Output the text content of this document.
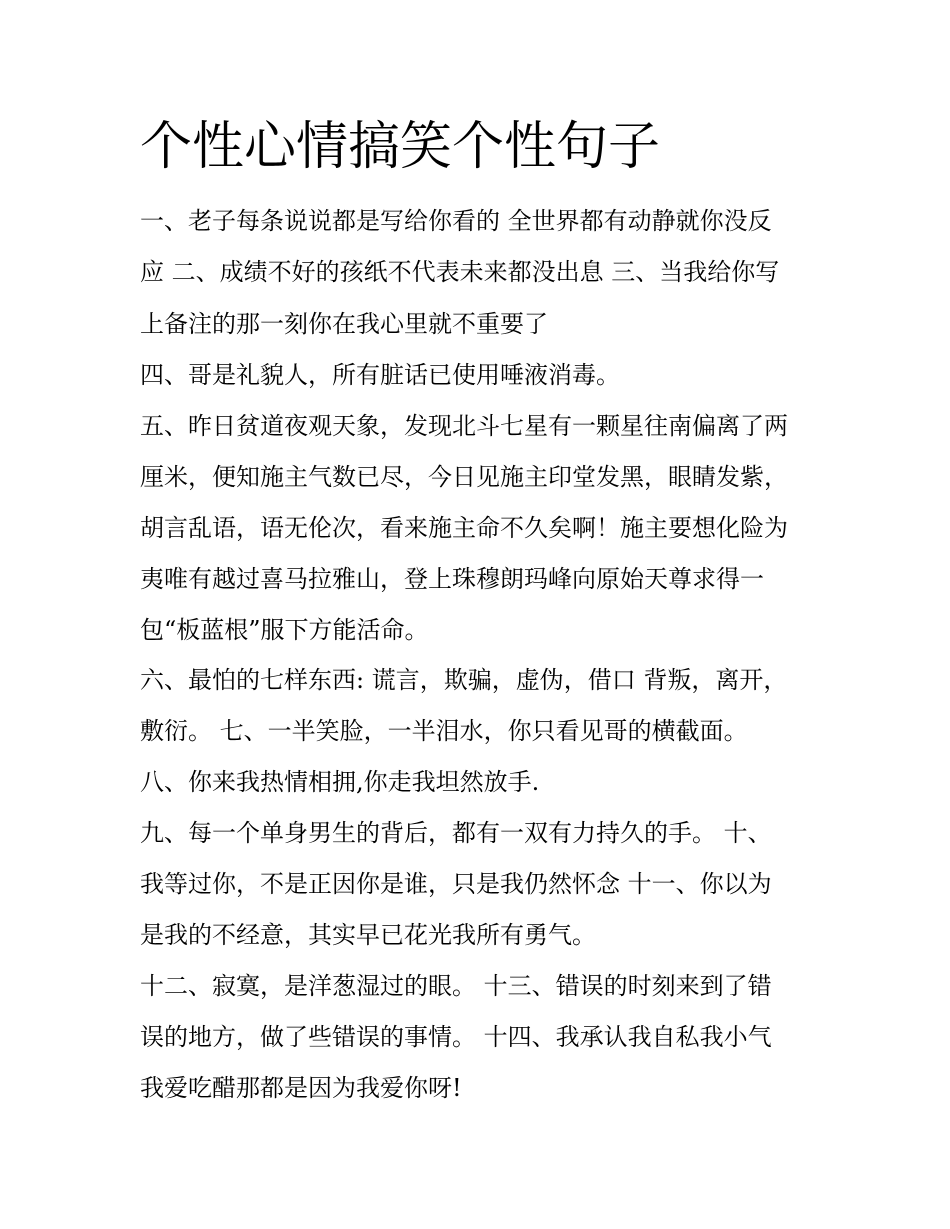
个性心情搞笑个性句子

一、老子每条说说都是写给你看的 全世界都有动静就你没反

应 二、成绩不好的孩纸不代表未来都没出息 三、当我给你写

上备注的那一刻你在我心里就不重要了

四、哥是礼貌人，所有脏话已使用唾液消毒。

五、昨日贫道夜观天象，发现北斗七星有一颗星往南偏离了两

厘米，便知施主气数已尽，今日见施主印堂发黑，眼睛发紫，

胡言乱语，语无伦次，看来施主命不久矣啊！施主要想化险为

夷唯有越过喜马拉雅山，登上珠穆朗玛峰向原始天尊求得一

包“板蓝根”服下方能活命。

六、最怕的七样东西: 谎言，欺骗，虚伪，借口 背叛，离开，

敷衍。 七、一半笑脸，一半泪水，你只看见哥的横截面。

八、你来我热情相拥,你走我坦然放手.

九、每一个单身男生的背后，都有一双有力持久的手。 十、

我等过你，不是正因你是谁，只是我仍然怀念 十一、你以为

是我的不经意，其实早已花光我所有勇气。

十二、寂寞，是洋葱湿过的眼。 十三、错误的时刻来到了错

误的地方，做了些错误的事情。 十四、我承认我自私我小气

我爱吃醋那都是因为我爱你呀!
